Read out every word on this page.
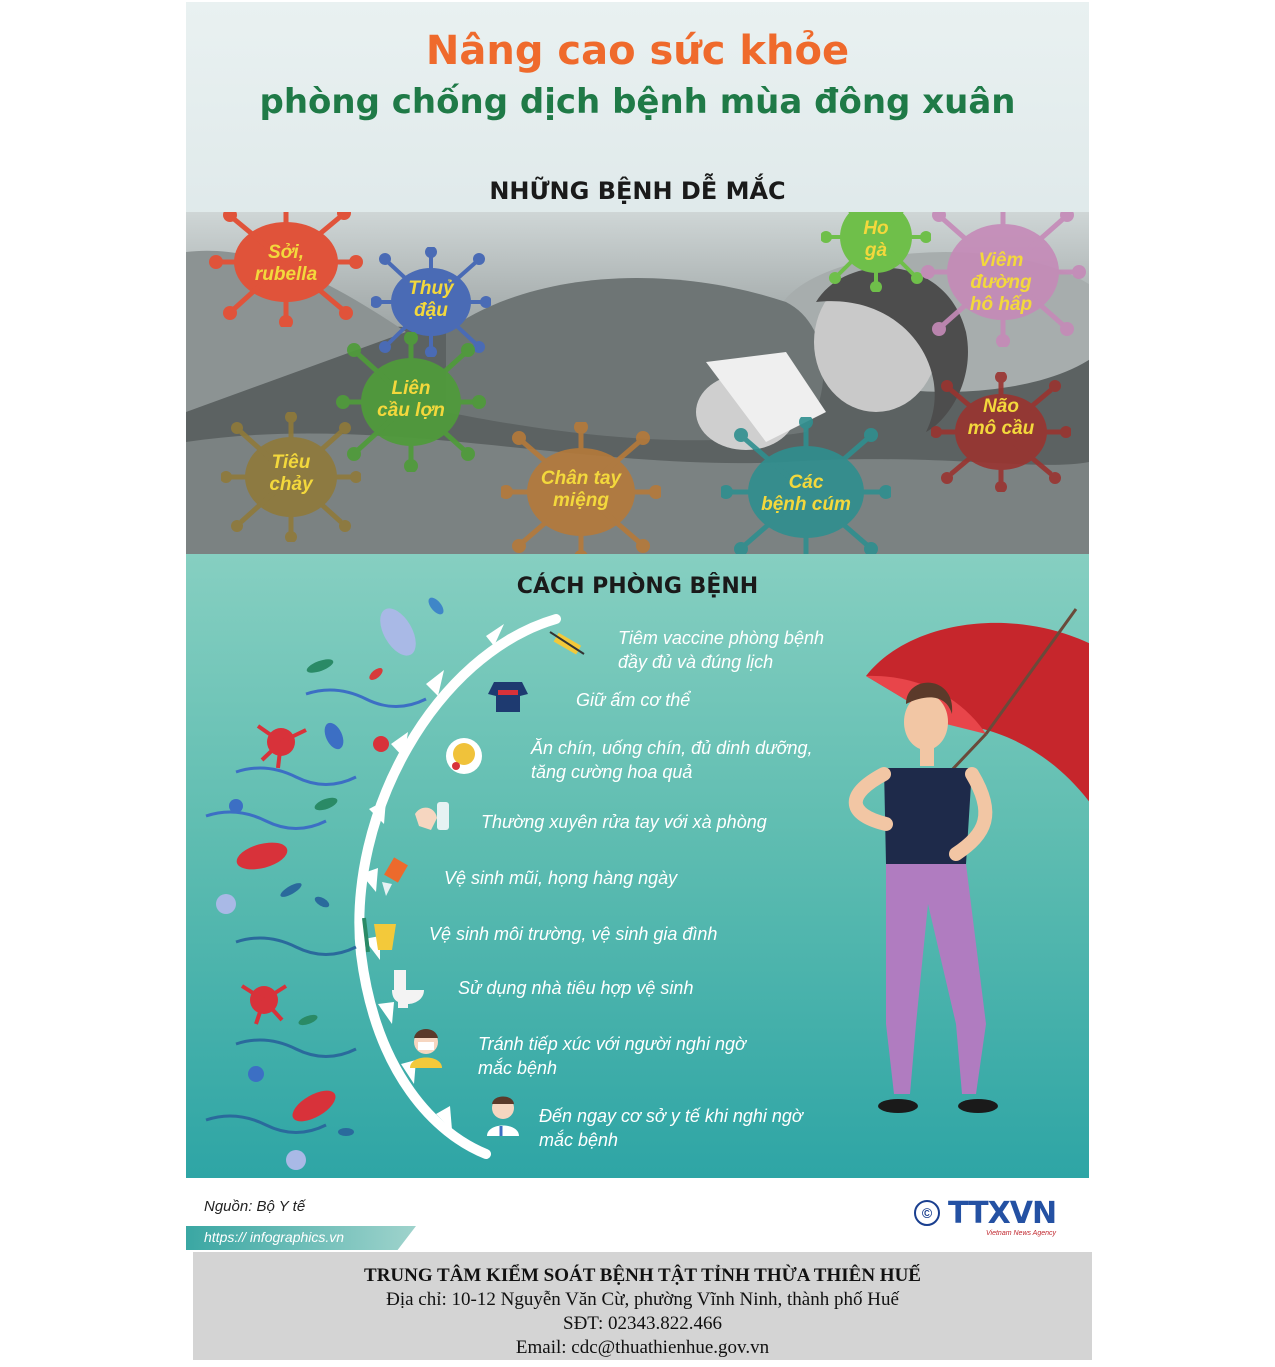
Nâng cao sức khỏe
phòng chống dịch bệnh mùa đông xuân
Sởi,
rubella
Thuỷ
đậu
Ho
gà	Viêm
đường
hô hấp
Liên
cầu lợn	Não
mô cầu
Tiêu
chảy	Chân tay
miệng
Các
bệnh cúm
NHỮNG BỆNH DỄ MẮC
CÁCH PHÒNG BỆNH
Tiêm vaccine phòng bệnh
đầy đủ và đúng lịch
Giữ ấm cơ thể
Ăn chín, uống chín, đủ dinh dưỡng,
tăng cường hoa quả
Thường xuyên rửa tay với xà phòng
Vệ sinh mũi, họng hàng ngày
Vệ sinh môi trường, vệ sinh gia đình
Sử dụng nhà tiêu hợp vệ sinh
Tránh tiếp xúc với người nghi ngờ
mắc bệnh
Đến ngay cơ sở y tế khi nghi ngờ
mắc bệnh
Nguồn: Bộ Y tế
https:// infographics.vn
© TTXVN
Vietnam News Agency
TRUNG TÂM KIỂM SOÁT BỆNH TẬT TỈNH THỪA THIÊN HUẾ
Địa chỉ: 10-12 Nguyễn Văn Cừ, phường Vĩnh Ninh, thành phố Huế
SĐT: 02343.822.466
Email: cdc@thuathienhue.gov.vn
